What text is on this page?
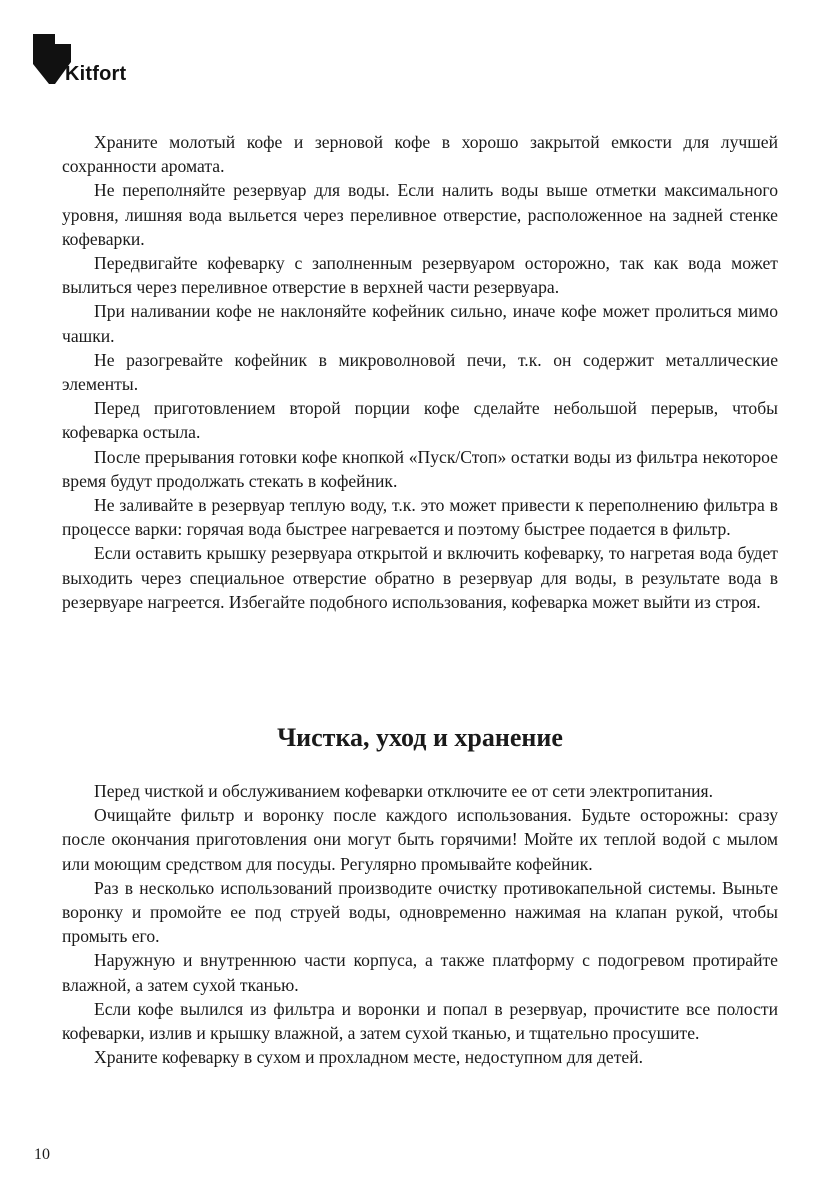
Kitfort

Храните молотый кофе и зерновой кофе в хорошо закрытой емкости для лучшей сохранности аромата.

Не переполняйте резервуар для воды. Если налить воды выше отметки максимального уровня, лишняя вода выльется через переливное отверстие, расположенное на задней стенке кофеварки.

Передвигайте кофеварку с заполненным резервуаром осторожно, так как вода может вылиться через переливное отверстие в верхней части резервуара.

При наливании кофе не наклоняйте кофейник сильно, иначе кофе может пролиться мимо чашки.

Не разогревайте кофейник в микроволновой печи, т.к. он содержит металлические элементы.

Перед приготовлением второй порции кофе сделайте небольшой перерыв, чтобы кофеварка остыла.

После прерывания готовки кофе кнопкой «Пуск/Стоп» остатки воды из фильтра некоторое время будут продолжать стекать в кофейник.

Не заливайте в резервуар теплую воду, т.к. это может привести к переполнению фильтра в процессе варки: горячая вода быстрее нагревается и поэтому быстрее подается в фильтр.

Если оставить крышку резервуара открытой и включить кофеварку, то нагретая вода будет выходить через специальное отверстие обратно в резервуар для воды, в результате вода в резервуаре нагреется. Избегайте подобного использования, кофеварка может выйти из строя.

Чистка, уход и хранение

Перед чисткой и обслуживанием кофеварки отключите ее от сети электропитания.

Очищайте фильтр и воронку после каждого использования. Будьте осторожны: сразу после окончания приготовления они могут быть горячими! Мойте их теплой водой с мылом или моющим средством для посуды. Регулярно промывайте кофейник.

Раз в несколько использований производите очистку противокапельной системы. Выньте воронку и промойте ее под струей воды, одновременно нажимая на клапан рукой, чтобы промыть его.

Наружную и внутреннюю части корпуса, а также платформу с подогревом протирайте влажной, а затем сухой тканью.

Если кофе вылился из фильтра и воронки и попал в резервуар, прочистите все полости кофеварки, излив и крышку влажной, а затем сухой тканью, и тщательно просушите.

Храните кофеварку в сухом и прохладном месте, недоступном для детей.

10
